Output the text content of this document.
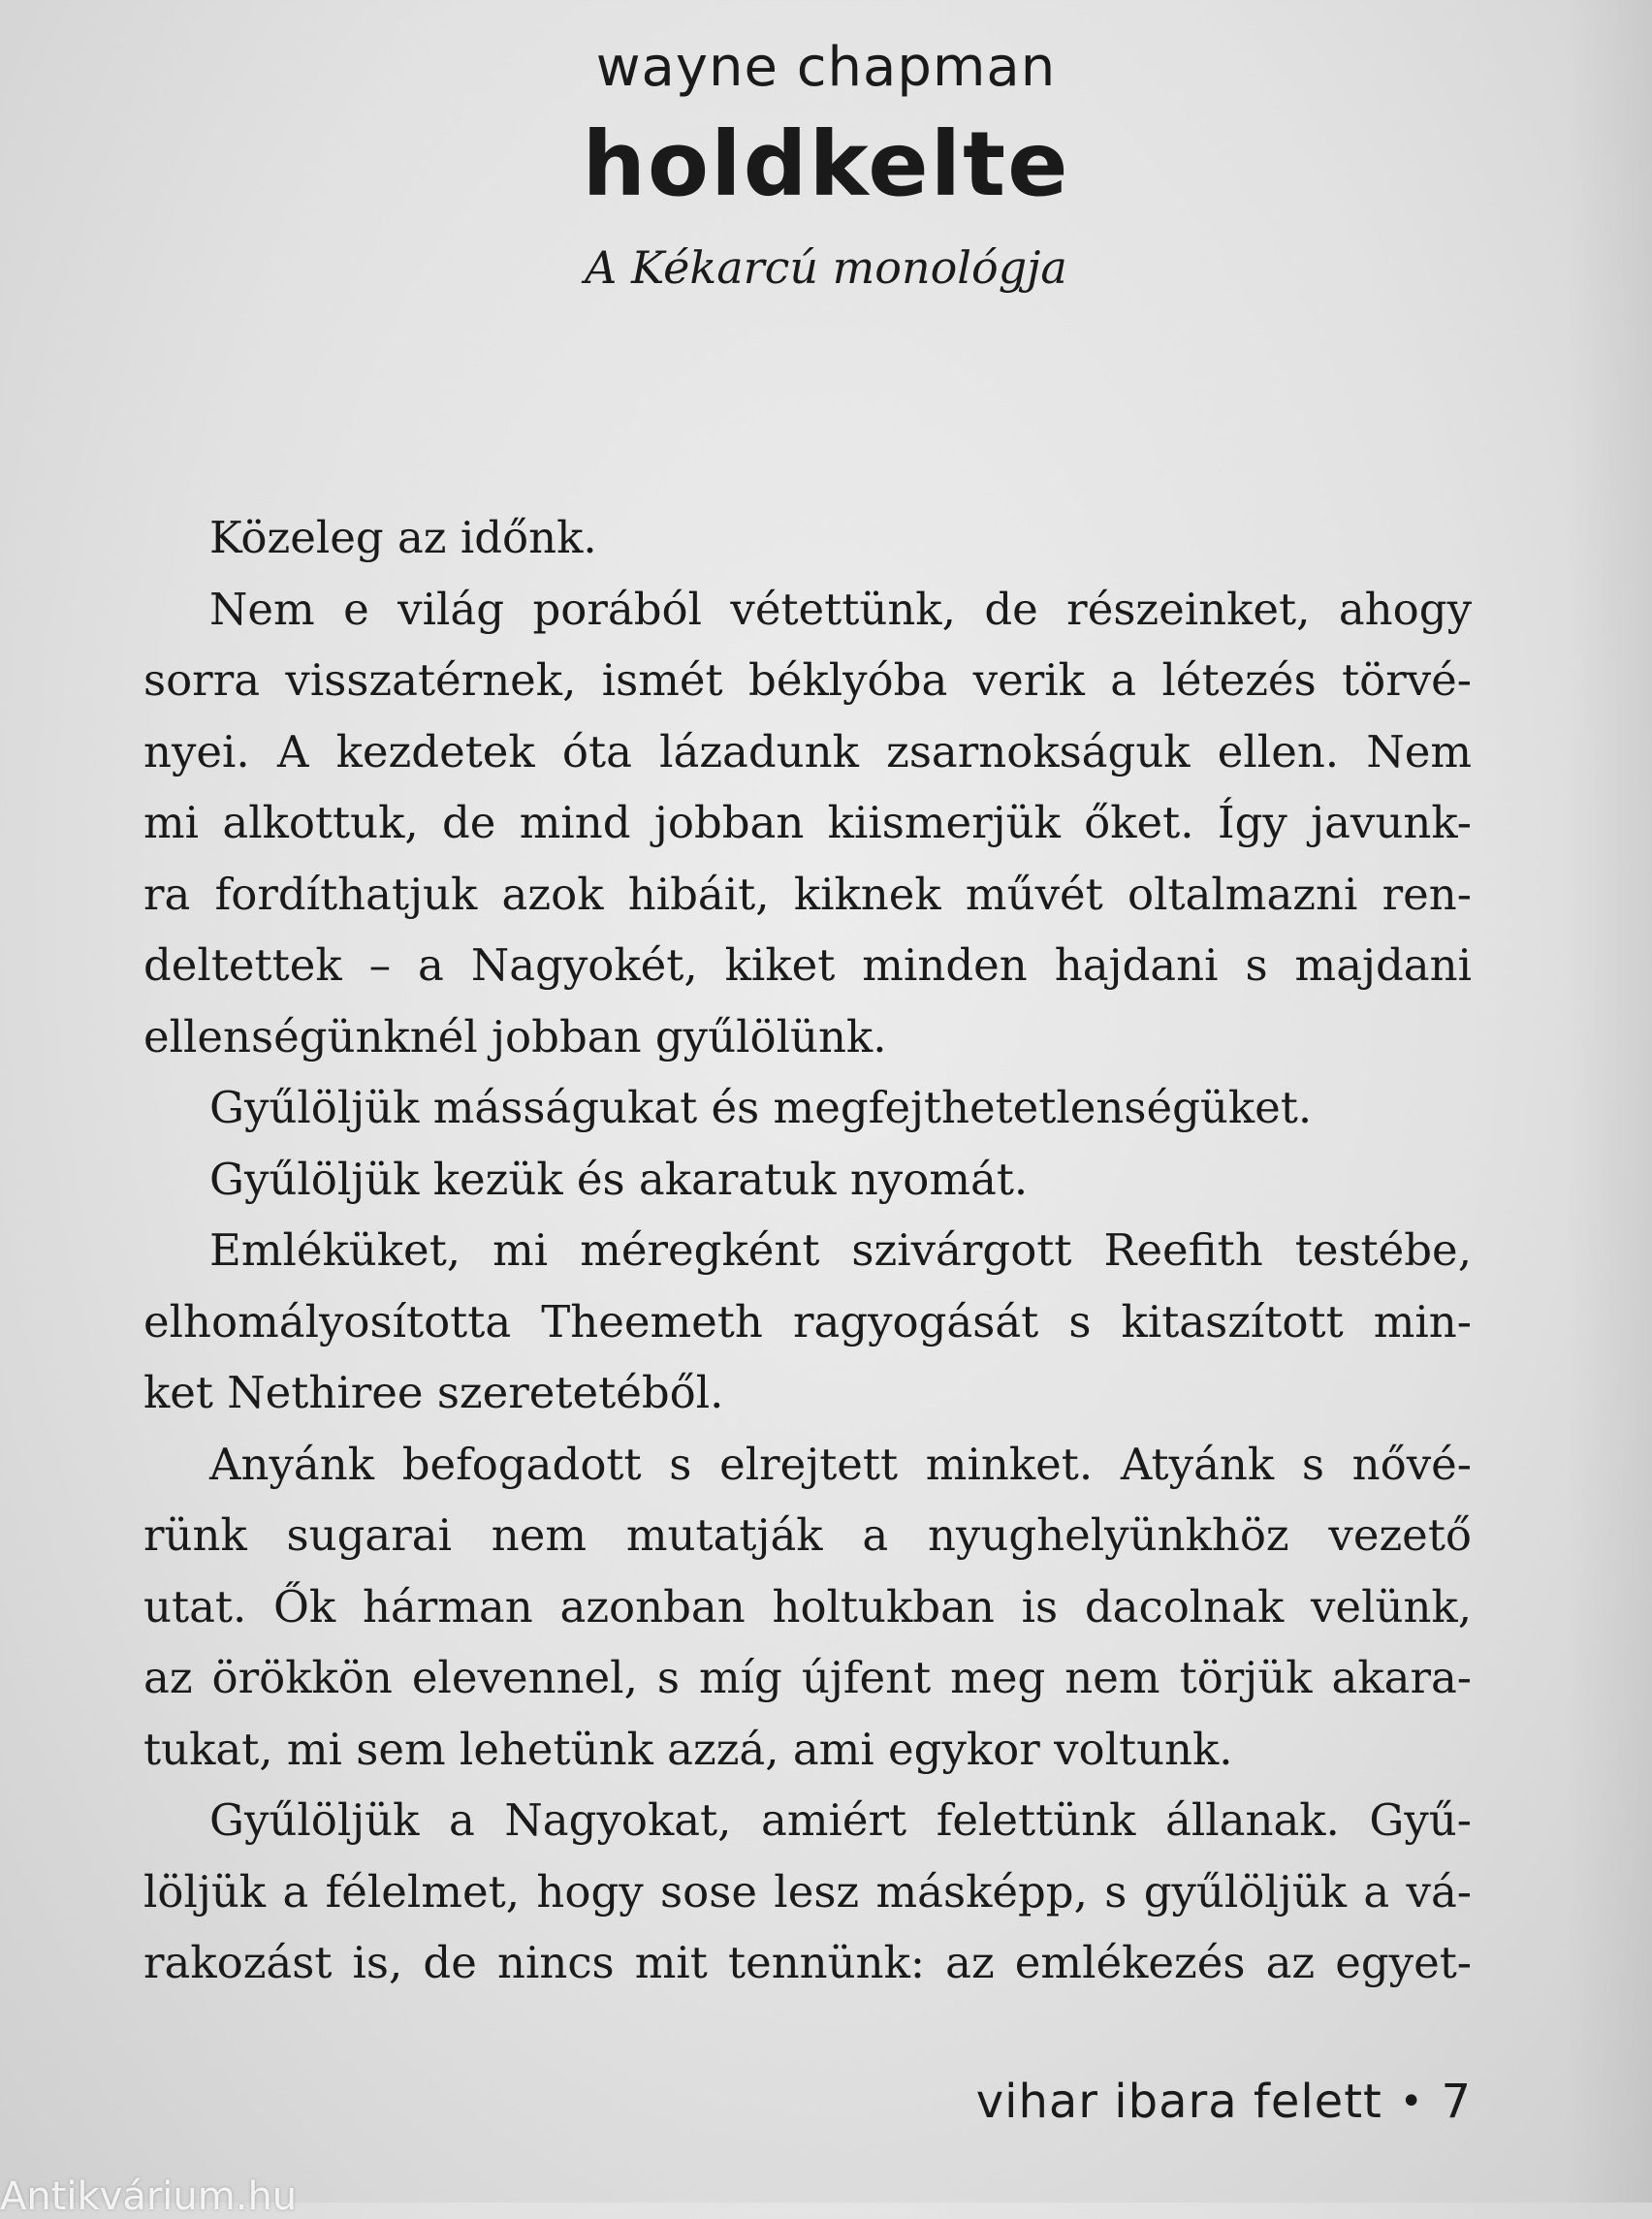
wayne chapman

holdkelte

A Kékarcú monológja

Közeleg az időnk.
Nem e világ porából vétettünk, de részeinket, ahogy
sorra visszatérnek, ismét béklyóba verik a létezés törvé-
nyei. A kezdetek óta lázadunk zsarnokságuk ellen. Nem
mi alkottuk, de mind jobban kiismerjük őket. Így javunk-
ra fordíthatjuk azok hibáit, kiknek művét oltalmazni ren-
deltettek – a Nagyokét, kiket minden hajdani s majdani
ellenségünknél jobban gyűlölünk.
Gyűlöljük másságukat és megfejthetetlenségüket.
Gyűlöljük kezük és akaratuk nyomát.
Emléküket, mi méregként szivárgott Reefith testébe,
elhomályosította Theemeth ragyogását s kitaszított min-
ket Nethiree szeretetéből.
Anyánk befogadott s elrejtett minket. Atyánk s nővé-
rünk sugarai nem mutatják a nyughelyünkhöz vezető
utat. Ők hárman azonban holtukban is dacolnak velünk,
az örökkön elevennel, s míg újfent meg nem törjük akara-
tukat, mi sem lehetünk azzá, ami egykor voltunk.
Gyűlöljük a Nagyokat, amiért felettünk állanak. Gyű-
löljük a félelmet, hogy sose lesz másképp, s gyűlöljük a vá-
rakozást is, de nincs mit tennünk: az emlékezés az egyet-
vihar ibara felett • 7
Antikvárium.hu
